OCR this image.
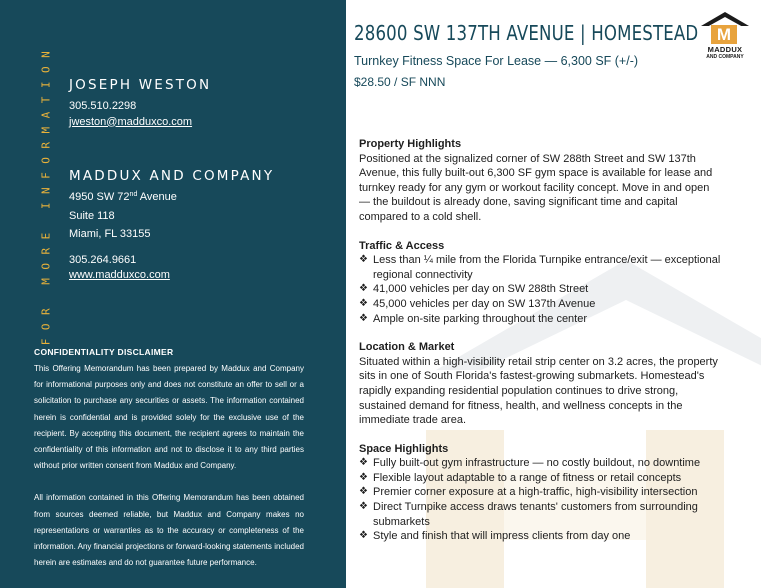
FOR MORE INFORMATION JOSEPH WESTON
305.510.2298
jweston@madduxco.com
MADDUX AND COMPANY
4950 SW 72nd Avenue
Suite 118
Miami, FL 33155
305.264.9661
www.madduxco.com
CONFIDENTIALITY DISCLAIMER

This Offering Memorandum has been prepared by Maddux and Company for informational purposes only and does not constitute an offer to sell or a solicitation to purchase any securities or assets. The information contained herein is confidential and is provided solely for the exclusive use of the recipient. By accepting this document, the recipient agrees to maintain the confidentiality of this information and not to disclose it to any third parties without prior written consent from Maddux and Company.

All information contained in this Offering Memorandum has been obtained from sources deemed reliable, but Maddux and Company makes no representations or warranties as to the accuracy or completeness of the information. Any financial projections or forward-looking statements included herein are estimates and do not guarantee future performance.

28600 SW 137TH AVENUE | HOMESTEAD
Turnkey Fitness Space For Lease — 6,300 SF (+/-)
$28.50 / SF NNN
Property Highlights
Positioned at the signalized corner of SW 288th Street and SW 137th Avenue, this fully built-out 6,300 SF gym space is available for lease and turnkey ready for any gym or workout facility concept. Move in and open — the buildout is already done, saving significant time and capital compared to a cold shell.
Traffic & Access
❖ Less than ¼ mile from the Florida Turnpike entrance/exit — exceptional regional connectivity
❖ 41,000 vehicles per day on SW 288th Street
❖ 45,000 vehicles per day on SW 137th Avenue
❖ Ample on-site parking throughout the center
Location & Market
Situated within a high-visibility retail strip center on 3.2 acres, the property sits in one of South Florida's fastest-growing submarkets. Homestead's rapidly expanding residential population continues to drive strong, sustained demand for fitness, health, and wellness concepts in the immediate trade area.
Space Highlights
❖ Fully built-out gym infrastructure — no costly buildout, no downtime
❖ Flexible layout adaptable to a range of fitness or retail concepts
❖ Premier corner exposure at a high-traffic, high-visibility intersection
❖ Direct Turnpike access draws tenants' customers from surrounding submarkets
❖ Style and finish that will impress clients from day one
M
MADDUX
AND COMPANY
